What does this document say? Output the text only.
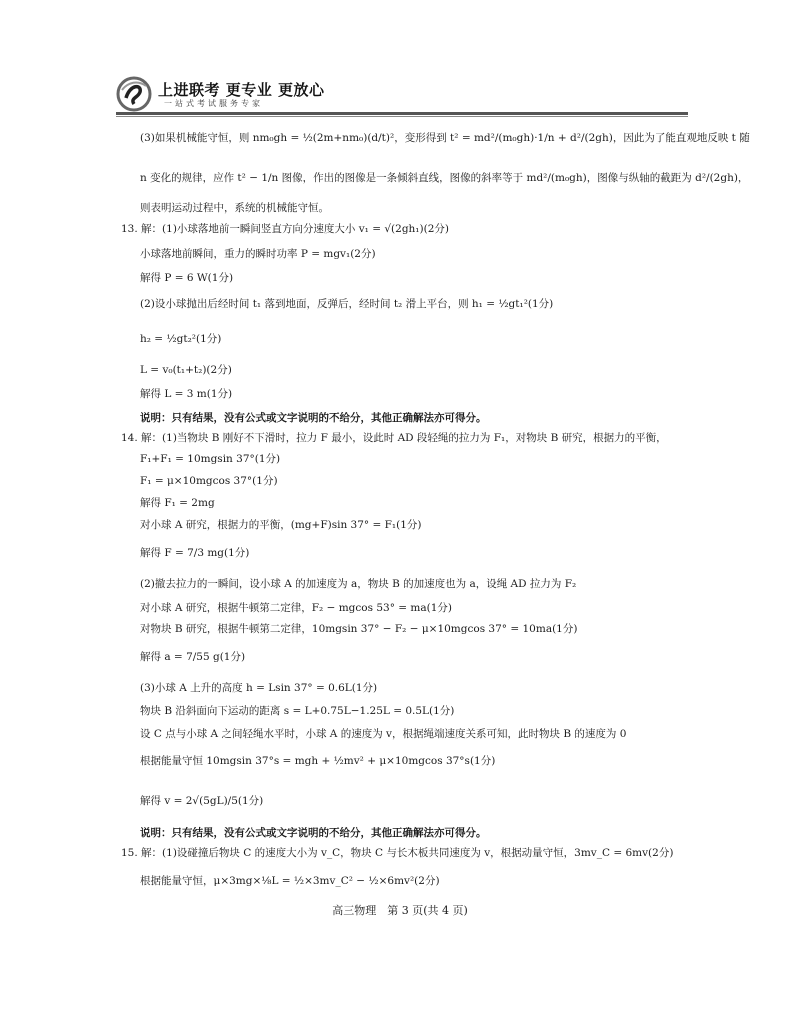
上进联考 更专业 更放心
一站式考试服务专家
(3)如果机械能守恒，则 nm₀gh = ½(2m+nm₀)(d/t)²，变形得到 t² = md²/(m₀gh)·1/n + d²/(2gh)，因此为了能直观地反映 t 随
n 变化的规律，应作 t² − 1/n 图像，作出的图像是一条倾斜直线，图像的斜率等于 md²/(m₀gh)，图像与纵轴的截距为 d²/(2gh)，
则表明运动过程中，系统的机械能守恒。
13. 解：(1)小球落地前一瞬间竖直方向分速度大小 v₁ = √(2gh₁)(2分)
小球落地前瞬间，重力的瞬时功率 P = mgv₁(2分)
解得 P = 6 W(1分)
(2)设小球抛出后经时间 t₁ 落到地面，反弹后，经时间 t₂ 滑上平台，则 h₁ = ½gt₁²(1分)
h₂ = ½gt₂²(1分)
L = v₀(t₁+t₂)(2分)
解得 L = 3 m(1分)
说明：只有结果，没有公式或文字说明的不给分，其他正确解法亦可得分。
14. 解：(1)当物块 B 刚好不下滑时，拉力 F 最小，设此时 AD 段轻绳的拉力为 F₁，对物块 B 研究，根据力的平衡，
F₁+F₁ = 10mgsin 37°(1分)
F₁ = μ×10mgcos 37°(1分)
解得 F₁ = 2mg
对小球 A 研究，根据力的平衡，(mg+F)sin 37° = F₁(1分)
解得 F = 7/3 mg(1分)
(2)撤去拉力的一瞬间，设小球 A 的加速度为 a，物块 B 的加速度也为 a，设绳 AD 拉力为 F₂
对小球 A 研究，根据牛顿第二定律，F₂ − mgcos 53° = ma(1分)
对物块 B 研究，根据牛顿第二定律，10mgsin 37° − F₂ − μ×10mgcos 37° = 10ma(1分)
解得 a = 7/55 g(1分)
(3)小球 A 上升的高度 h = Lsin 37° = 0.6L(1分)
物块 B 沿斜面向下运动的距离 s = L+0.75L−1.25L = 0.5L(1分)
设 C 点与小球 A 之间轻绳水平时，小球 A 的速度为 v，根据绳端速度关系可知，此时物块 B 的速度为 0
根据能量守恒 10mgsin 37°s = mgh + ½mv² + μ×10mgcos 37°s(1分)
解得 v = 2√(5gL)/5(1分)
说明：只有结果，没有公式或文字说明的不给分，其他正确解法亦可得分。
15. 解：(1)设碰撞后物块 C 的速度大小为 v_C，物块 C 与长木板共同速度为 v，根据动量守恒，3mv_C = 6mv(2分)
根据能量守恒，μ×3mg×⅛L = ½×3mv_C² − ½×6mv²(2分)
高三物理　第 3 页(共 4 页)
